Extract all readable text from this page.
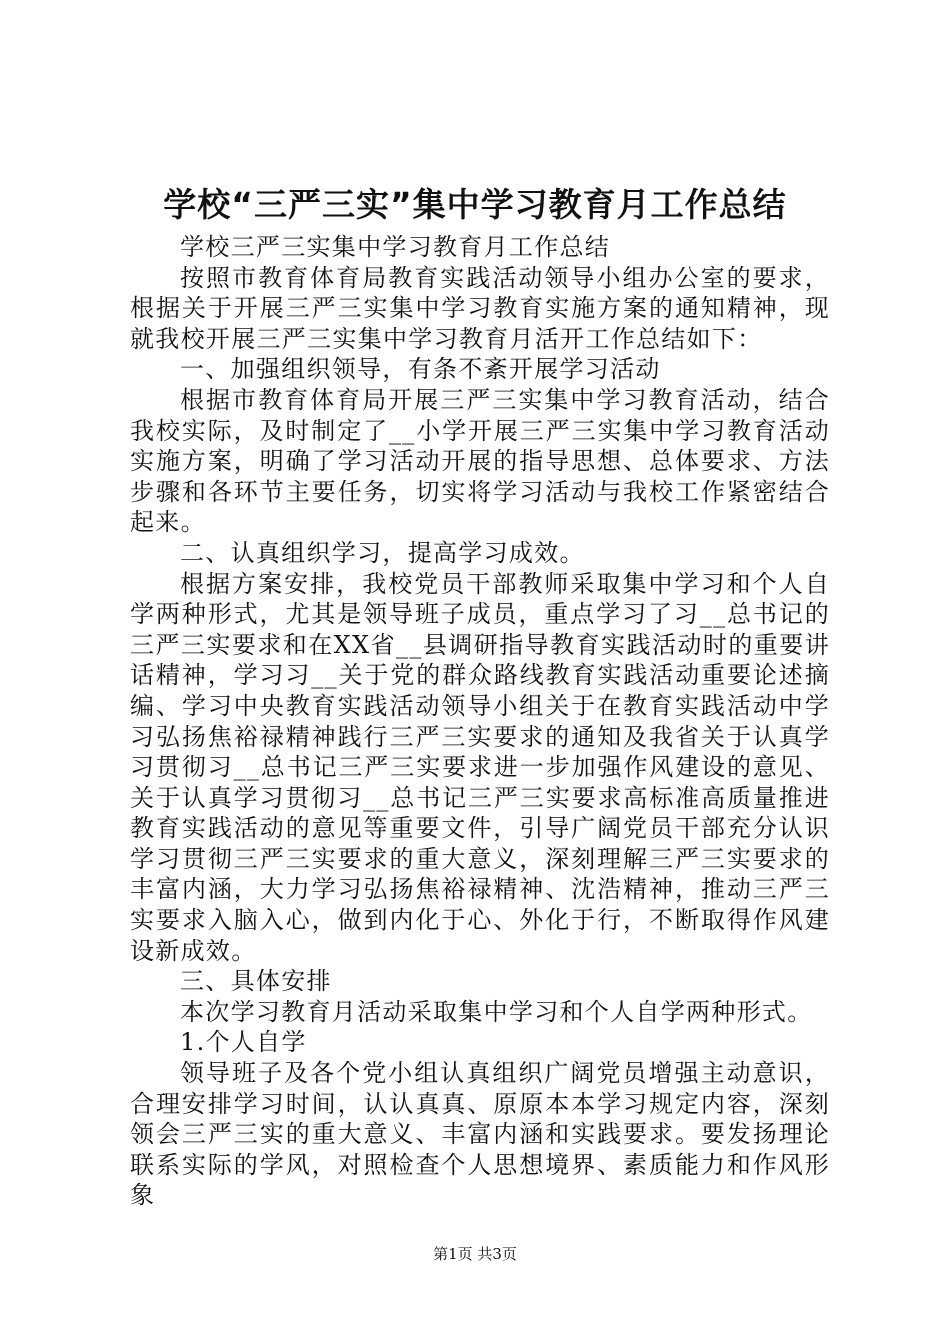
学校“三严三实”集中学习教育月工作总结

学校三严三实集中学习教育月工作总结

按照市教育体育局教育实践活动领导小组办公室的要求，根据关于开展三严三实集中学习教育实施方案的通知精神，现就我校开展三严三实集中学习教育月活开工作总结如下：

一、加强组织领导，有条不紊开展学习活动

根据市教育体育局开展三严三实集中学习教育活动，结合我校实际，及时制定了__小学开展三严三实集中学习教育活动实施方案，明确了学习活动开展的指导思想、总体要求、方法步骤和各环节主要任务，切实将学习活动与我校工作紧密结合起来。

二、认真组织学习，提高学习成效。

根据方案安排，我校党员干部教师采取集中学习和个人自学两种形式，尤其是领导班子成员，重点学习了习__总书记的三严三实要求和在XX省__县调研指导教育实践活动时的重要讲话精神，学习习__关于党的群众路线教育实践活动重要论述摘编、学习中央教育实践活动领导小组关于在教育实践活动中学习弘扬焦裕禄精神践行三严三实要求的通知及我省关于认真学习贯彻习__总书记三严三实要求进一步加强作风建设的意见、关于认真学习贯彻习__总书记三严三实要求高标准高质量推进教育实践活动的意见等重要文件，引导广阔党员干部充分认识学习贯彻三严三实要求的重大意义，深刻理解三严三实要求的丰富内涵，大力学习弘扬焦裕禄精神、沈浩精神，推动三严三实要求入脑入心，做到内化于心、外化于行，不断取得作风建设新成效。

三、具体安排

本次学习教育月活动采取集中学习和个人自学两种形式。

1.个人自学

领导班子及各个党小组认真组织广阔党员增强主动意识，合理安排学习时间，认认真真、原原本本学习规定内容，深刻领会三严三实的重大意义、丰富内涵和实践要求。要发扬理论联系实际的学风，对照检查个人思想境界、素质能力和作风形象

第1页 共3页
